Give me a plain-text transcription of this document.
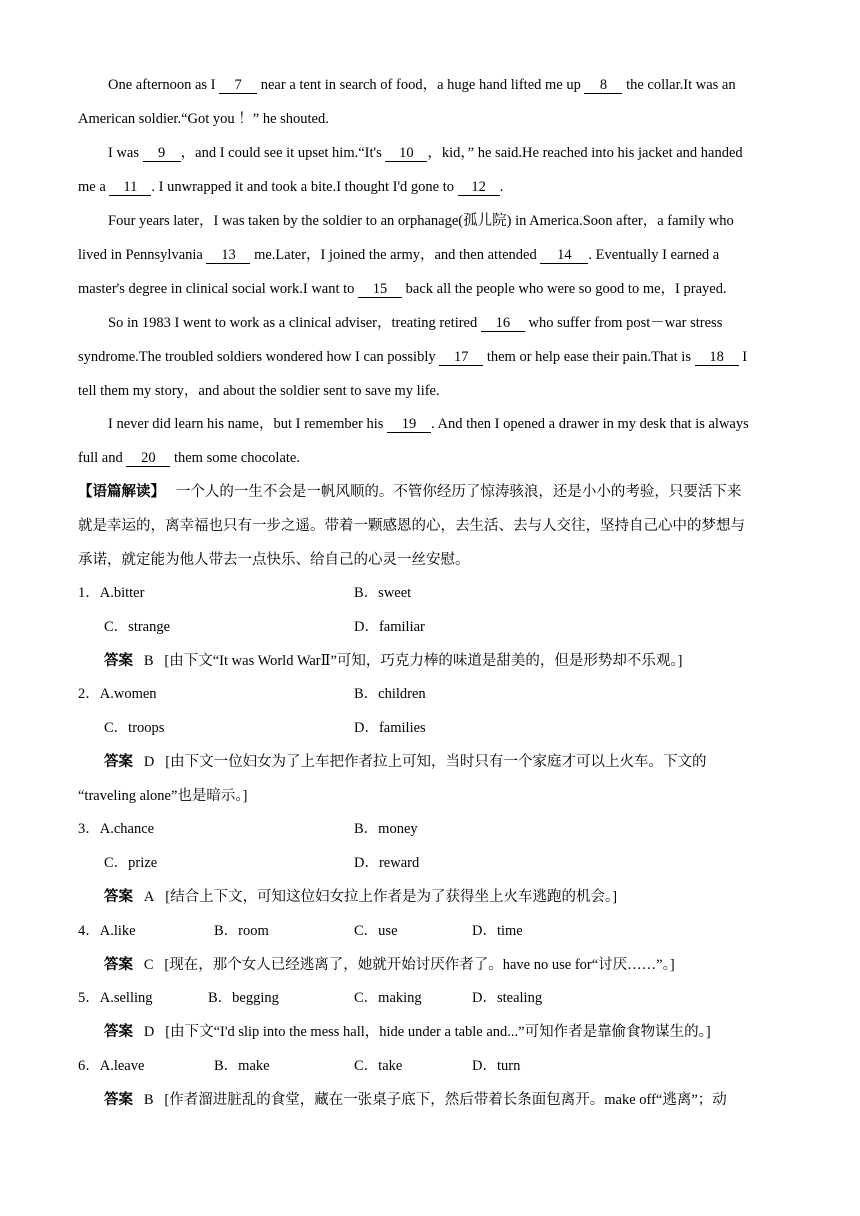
One afternoon as I 7 near a tent in search of food，a huge hand lifted me up 8 the collar.It was an
American soldier.“Got you ！” he shouted.
I was 9 ，and I could see it upset him.“It's 10 ，kid，” he said.He reached into his jacket and handed
me a 11 . I unwrapped it and took a bite.I thought I'd gone to 12 .
Four years later，I was taken by the soldier to an orphanage(孤儿院) in America.Soon after，a family who
lived in Pennsylvania 13 me.Later，I joined the army，and then attended 14 . Eventually I earned a
master's degree in clinical social work.I want to 15 back all the people who were so good to me，I prayed.
So in 1983 I went to work as a clinical adviser，treating retired 16 who suffer from post－war stress
syndrome.The troubled soldiers wondered how I can possibly 17 them or help ease their pain.That is 18 I
tell them my story，and about the soldier sent to save my life.
I never did learn his name，but I remember his 19 . And then I opened a drawer in my desk that is always
full and 20 them some chocolate.
【语篇解读】 一个人的一生不会是一帆风顺的。不管你经历了惊涛骇浪，还是小小的考验，只要活下来
就是幸运的，离幸福也只有一步之遥。带着一颗感恩的心，去生活、去与人交往，坚持自己心中的梦想与
承诺，就定能为他人带去一点快乐、给自己的心灵一丝安慰。
1．A.bitter	B．sweet
C．strange	D．familiar
答案 B [由下文“It was World WarⅡ”可知，巧克力棒的味道是甜美的，但是形势却不乐观。]
2．A.women	B．children
C．troops	D．families
答案 D [由下文一位妇女为了上车把作者拉上可知，当时只有一个家庭才可以上火车。下文的
“traveling alone”也是暗示。]
3．A.chance	B．money
C．prize	D．reward
答案 A [结合上下文，可知这位妇女拉上作者是为了获得坐上火车逃跑的机会。]
4．A.like	B．room	C．use	D．time
答案 C [现在，那个女人已经逃离了，她就开始讨厌作者了。have no use for“讨厌……”。]
5．A.selling	B．begging	C．making	D．stealing
答案 D [由下文“I'd slip into the mess hall，hide under a table and...”可知作者是靠偷食物谋生的。]
6．A.leave	B．make	C．take	D．turn
答案 B [作者溜进脏乱的食堂，藏在一张桌子底下，然后带着长条面包离开。make off“逃离”；动
